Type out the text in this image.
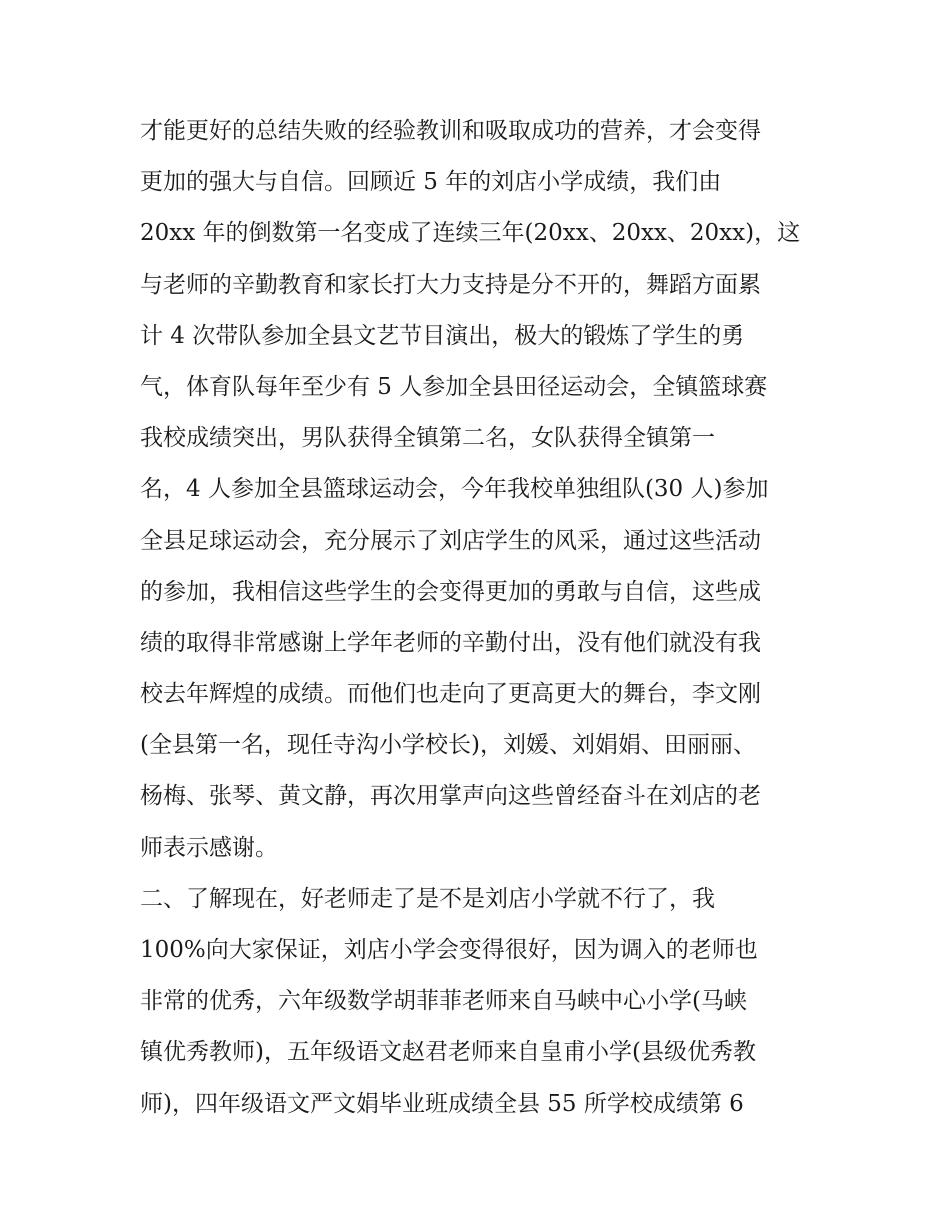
才能更好的总结失败的经验教训和吸取成功的营养，才会变得
更加的强大与自信。回顾近 5 年的刘店小学成绩，我们由
20xx 年的倒数第一名变成了连续三年(20xx、20xx、20xx)，这
与老师的辛勤教育和家长打大力支持是分不开的，舞蹈方面累
计 4 次带队参加全县文艺节目演出，极大的锻炼了学生的勇
气，体育队每年至少有 5 人参加全县田径运动会，全镇篮球赛
我校成绩突出，男队获得全镇第二名，女队获得全镇第一
名，4 人参加全县篮球运动会，今年我校单独组队(30 人)参加
全县足球运动会，充分展示了刘店学生的风采，通过这些活动
的参加，我相信这些学生的会变得更加的勇敢与自信，这些成
绩的取得非常感谢上学年老师的辛勤付出，没有他们就没有我
校去年辉煌的成绩。而他们也走向了更高更大的舞台，李文刚
(全县第一名，现任寺沟小学校长)，刘媛、刘娟娟、田丽丽、
杨梅、张琴、黄文静，再次用掌声向这些曾经奋斗在刘店的老
师表示感谢。
二、了解现在，好老师走了是不是刘店小学就不行了，我
100%向大家保证，刘店小学会变得很好，因为调入的老师也
非常的优秀，六年级数学胡菲菲老师来自马峡中心小学(马峡
镇优秀教师)，五年级语文赵君老师来自皇甫小学(县级优秀教
师)，四年级语文严文娟毕业班成绩全县 55 所学校成绩第 6
